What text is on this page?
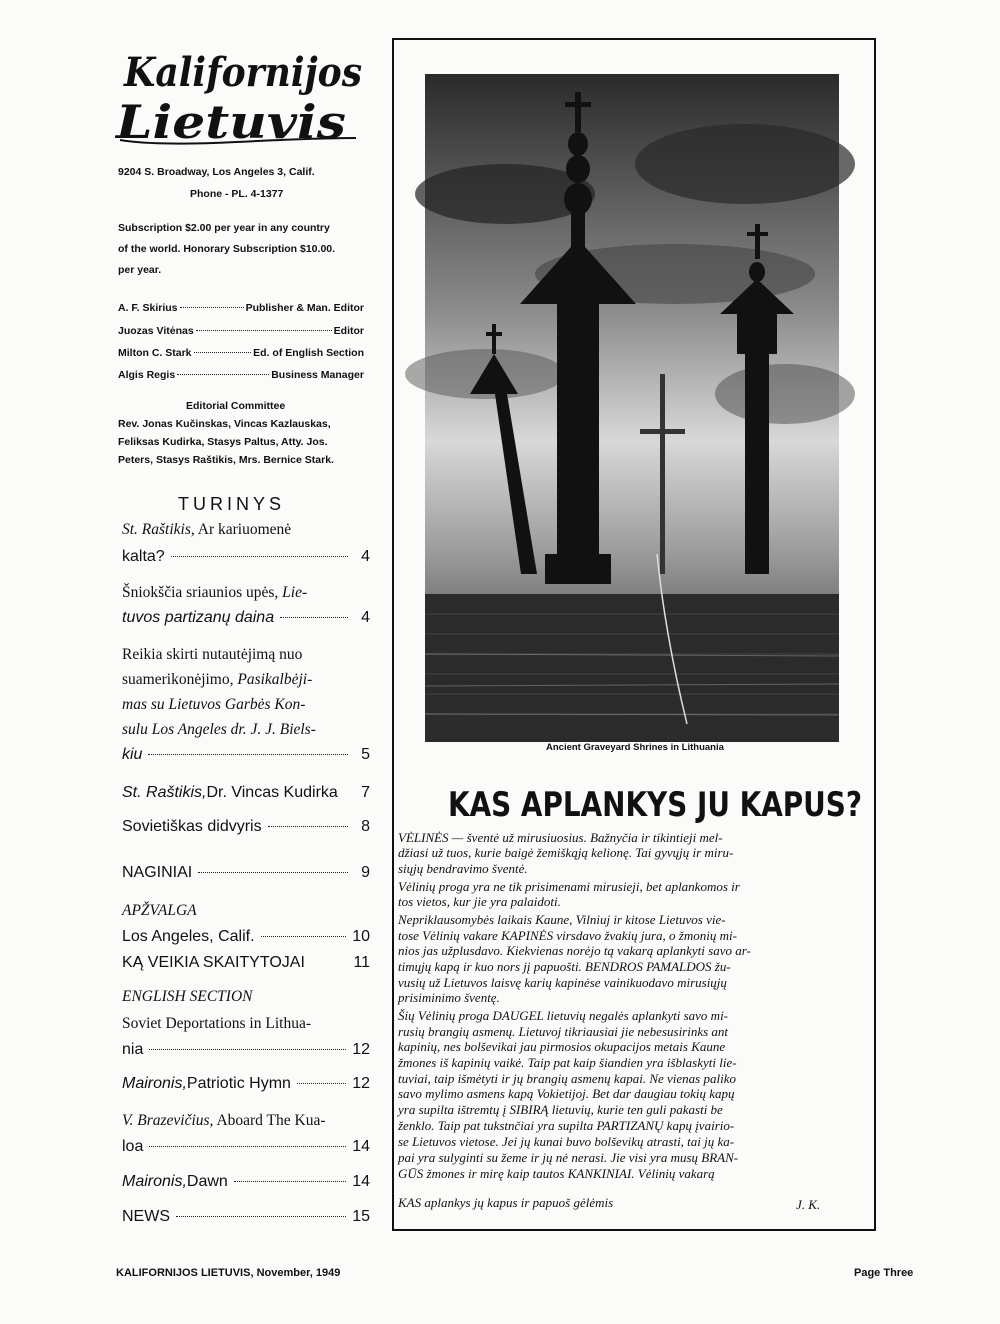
Kalifornijos
Lietuvis
9204 S. Broadway, Los Angeles 3, Calif.
Phone - PL. 4-1377
Subscription $2.00 per year in any country
of the world. Honorary Subscription $10.00.
per year.
A. F. Skirius	Publisher & Man. Editor
Juozas Vitėnas	Editor
Milton C. Stark	Ed. of English Section
Algis Regis	Business Manager
Editorial Committee
Rev. Jonas Kučinskas, Vincas Kazlauskas,
Feliksas Kudirka, Stasys Paltus, Atty. Jos.
Peters, Stasys Raštikis, Mrs. Bernice Stark.
TURINYS
St. Raštikis, Ar kariuomenė
kalta?	4
Šniokščia sriaunios upės, Lie-
tuvos partizanų daina	4
Reikia skirti nutautėjimą nuo
suamerikonėjimo, Pasikalbėji-
mas su Lietuvos Garbės Kon-
sulu Los Angeles dr. J. J. Biels-
kiu	5
St. Raštikis, Dr. Vincas Kudirka	7
Sovietiškas didvyris	8
NAGINIAI	9
APŽVALGA
Los Angeles, Calif.	10
KĄ VEIKIA SKAITYTOJAI	11
ENGLISH SECTION
Soviet Deportations in Lithua-
nia	12
Maironis, Patriotic Hymn	12
V. Brazevičius, Aboard The Kua-
loa	14
Maironis, Dawn	14
NEWS	15
Ancient Graveyard Shrines in Lithuania
KAS APLANKYS JU KAPUS?
VĖLINĖS — šventė už mirusiuosius. Bažnyčia ir tikintieji mel-
džiasi už tuos, kurie baigė žemiškąją kelionę. Tai gyvųjų ir miru-
siųjų bendravimo šventė.
Vėlinių proga yra ne tik prisimenami mirusieji, bet aplankomos ir
tos vietos, kur jie yra palaidoti.
Nepriklausomybės laikais Kaune, Vilniuj ir kitose Lietuvos vie-
tose Vėlinių vakare KAPINĖS virsdavo žvakių jura, o žmonių mi-
nios jas užplusdavo. Kiekvienas norėjo tą vakarą aplankyti savo ar-
timųjų kapą ir kuo nors jį papuošti. BENDROS PAMALDOS žu-
vusių už Lietuvos laisvę karių kapinėse vainikuodavo mirusiųjų
prisiminimo šventę.
Šių Vėlinių proga DAUGEL lietuvių negalės aplankyti savo mi-
rusių brangių asmenų. Lietuvoj tikriausiai jie nebesusirinks ant
kapinių, nes bolševikai jau pirmosios okupacijos metais Kaune
žmones iš kapinių vaikė. Taip pat kaip šiandien yra išblaskyti lie-
tuviai, taip išmėtyti ir jų brangių asmenų kapai. Ne vienas paliko
savo mylimo asmens kapą Vokietijoj. Bet dar daugiau tokių kapų
yra supilta ištremtų į SIBIRĄ lietuvių, kurie ten guli pakasti be
ženklo. Taip pat tukstnčiai yra supilta PARTIZANŲ kapų įvairio-
se Lietuvos vietose. Jei jų kunai buvo bolševikų atrasti, tai jų ka-
pai yra sulyginti su žeme ir jų nė nerasi. Jie visi yra musų BRAN-
GŪS žmones ir mirę kaip tautos KANKINIAI. Vėlinių vakarą
KAS aplankys jų kapus ir papuoš gėlėmis	J. K.
KALIFORNIJOS LIETUVIS, November, 1949	Page Three
